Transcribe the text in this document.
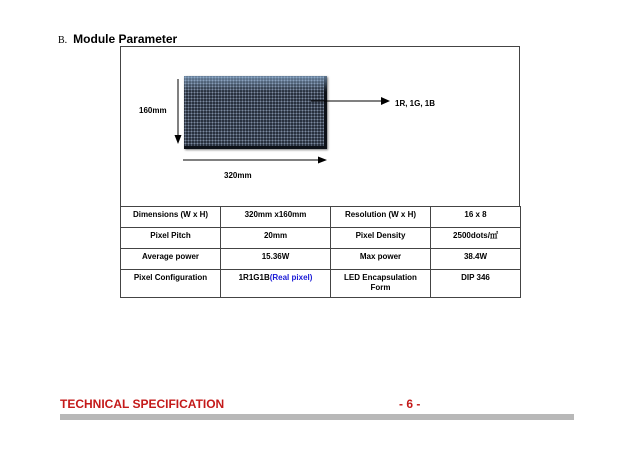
B. Module Parameter
160mm
320mm
1R, 1G, 1B
Dimensions (W x H)	320mm x160mm	Resolution (W x H)	16 x 8
Pixel Pitch	20mm	Pixel Density	2500dots/㎡
Average power	15.36W	Max power	38.4W
Pixel Configuration	1R1G1B(Real pixel)	LED Encapsulation Form	DIP 346
TECHNICAL SPECIFICATION	- 6 -
